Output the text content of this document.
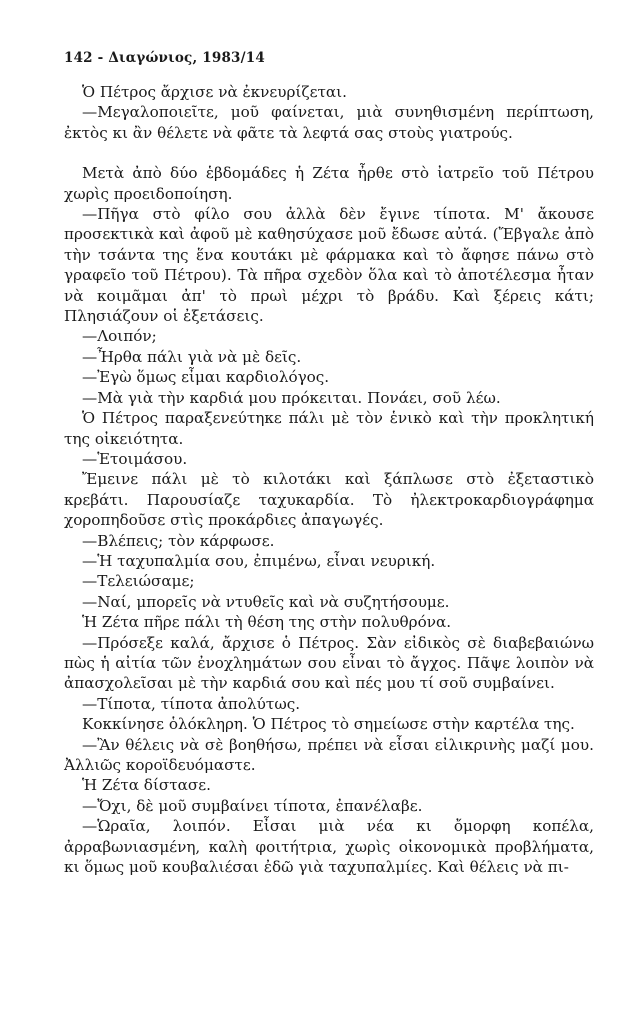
142 - Διαγώνιος, 1983/14

Ὁ Πέτρος ἄρχισε νὰ ἐκνευρίζεται.

—Μεγαλοποιεῖτε, μοῦ φαίνεται, μιὰ συνηθισμένη περίπτωση, ἐκτὸς κι ἂν θέλετε νὰ φᾶτε τὰ λεφτά σας στοὺς γιατρούς.

Μετὰ ἀπὸ δύο ἑβδομάδες ἡ Ζέτα ἦρθε στὸ ἰατρεῖο τοῦ Πέτρου χωρὶς προειδοποίηση.

—Πῆγα στὸ φίλο σου ἀλλὰ δὲν ἔγινε τίποτα. Μ' ἄκουσε προσεκτικὰ καὶ ἀφοῦ μὲ καθησύχασε μοῦ ἔδωσε αὐτά. (Ἔβγαλε ἀπὸ τὴν τσάντα της ἕνα κουτάκι μὲ φάρμακα καὶ τὸ ἄφησε πάνω στὸ γραφεῖο τοῦ Πέτρου). Τὰ πῆρα σχεδὸν ὅλα καὶ τὸ ἀποτέλεσμα ἦταν νὰ κοιμᾶμαι ἀπ' τὸ πρωὶ μέχρι τὸ βράδυ. Καὶ ξέρεις κάτι; Πλησιάζουν οἱ ἐξετάσεις.

—Λοιπόν;

—Ἦρθα πάλι γιὰ νὰ μὲ δεῖς.

—Ἐγὼ ὅμως εἶμαι καρδιολόγος.

—Μὰ γιὰ τὴν καρδιά μου πρόκειται. Πονάει, σοῦ λέω.

Ὁ Πέτρος παραξενεύτηκε πάλι μὲ τὸν ἑνικὸ καὶ τὴν προκλητική της οἰκειότητα.

—Ἑτοιμάσου.

Ἔμεινε πάλι μὲ τὸ κιλοτάκι καὶ ξάπλωσε στὸ ἐξεταστικὸ κρεβάτι. Παρουσίαζε ταχυκαρδία. Τὸ ἠλεκτροκαρδιογράφημα χοροπηδοῦσε στὶς προκάρδιες ἀπαγωγές.

—Βλέπεις; τὸν κάρφωσε.

—Ἡ ταχυπαλμία σου, ἐπιμένω, εἶναι νευρική.

—Τελειώσαμε;

—Ναί, μπορεῖς νὰ ντυθεῖς καὶ νὰ συζητήσουμε.

Ἡ Ζέτα πῆρε πάλι τὴ θέση της στὴν πολυθρόνα.

—Πρόσεξε καλά, ἄρχισε ὁ Πέτρος. Σὰν εἰδικὸς σὲ διαβεβαιώνω πὼς ἡ αἰτία τῶν ἐνοχλημάτων σου εἶναι τὸ ἄγχος. Πᾶψε λοιπὸν νὰ ἀπασχολεῖσαι μὲ τὴν καρδιά σου καὶ πές μου τί σοῦ συμβαίνει.

—Τίποτα, τίποτα ἀπολύτως.

Κοκκίνησε ὁλόκληρη. Ὁ Πέτρος τὸ σημείωσε στὴν καρτέλα της.

—Ἂν θέλεις νὰ σὲ βοηθήσω, πρέπει νὰ εἶσαι εἰλικρινὴς μαζί μου. Ἀλλιῶς κοροϊδευόμαστε.

Ἡ Ζέτα δίστασε.

—Ὄχι, δὲ μοῦ συμβαίνει τίποτα, ἐπανέλαβε.

—Ὡραῖα, λοιπόν. Εἶσαι μιὰ νέα κι ὄμορφη κοπέλα, ἀρραβωνιασμένη, καλὴ φοιτήτρια, χωρὶς οἰκονομικὰ προβλήματα, κι ὅμως μοῦ κουβαλιέσαι ἐδῶ γιὰ ταχυπαλμίες. Καὶ θέλεις νὰ πι-
